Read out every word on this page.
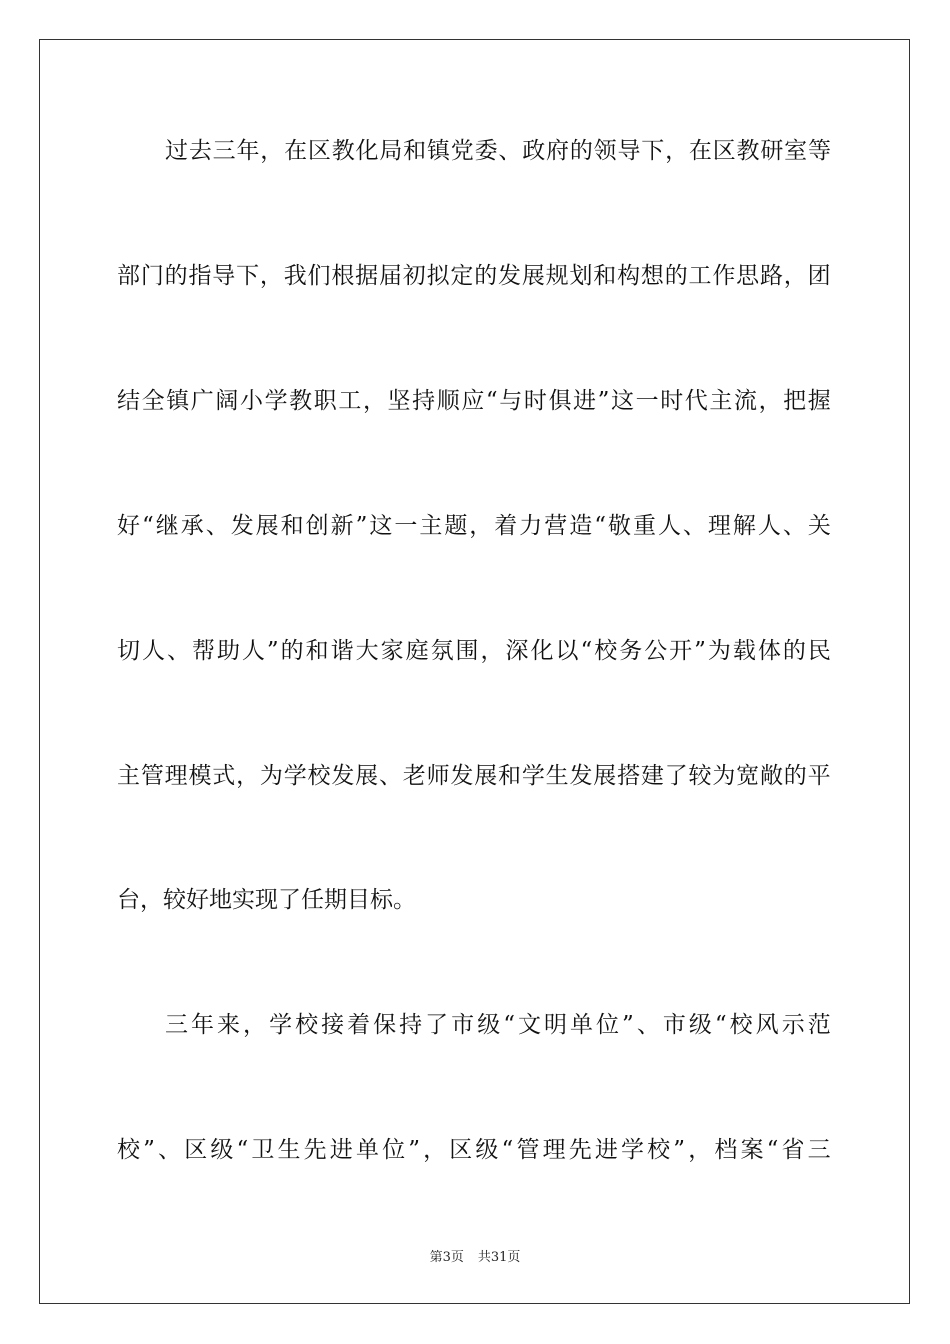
过 去 三 年 ， 在 区 教 化 局 和 镇 党 委 、 政 府 的 领 导 下 ， 在 区 教 研 室 等
部 门 的 指 导 下 ， 我 们 根 据 届 初 拟 定 的 发 展 规 划 和 构 想 的 工 作 思 路 ， 团
结 全 镇 广 阔 小 学 教 职 工 ， 坚 持 顺 应 “ 与 时 俱 进 ” 这 一 时 代 主 流 ， 把 握
好 “ 继 承 、 发 展 和 创 新 ” 这 一 主 题 ， 着 力 营 造 “ 敬 重 人 、 理 解 人 、 关
切 人 、 帮 助 人 ” 的 和 谐 大 家 庭 氛 围 ， 深 化 以 “ 校 务 公 开 ” 为 载 体 的 民
主 管 理 模 式 ， 为 学 校 发 展 、 老 师 发 展 和 学 生 发 展 搭 建 了 较 为 宽 敞 的 平
台，较好地实现了任期目标。
三 年 来 ， 学 校 接 着 保 持 了 市 级 “ 文 明 单 位 ” 、 市 级 “ 校 风 示 范
校 ” 、 区 级 “ 卫 生 先 进 单 位 ” ， 区 级 “ 管 理 先 进 学 校 ” ， 档 案 “ 省 三
第3页 共31页
